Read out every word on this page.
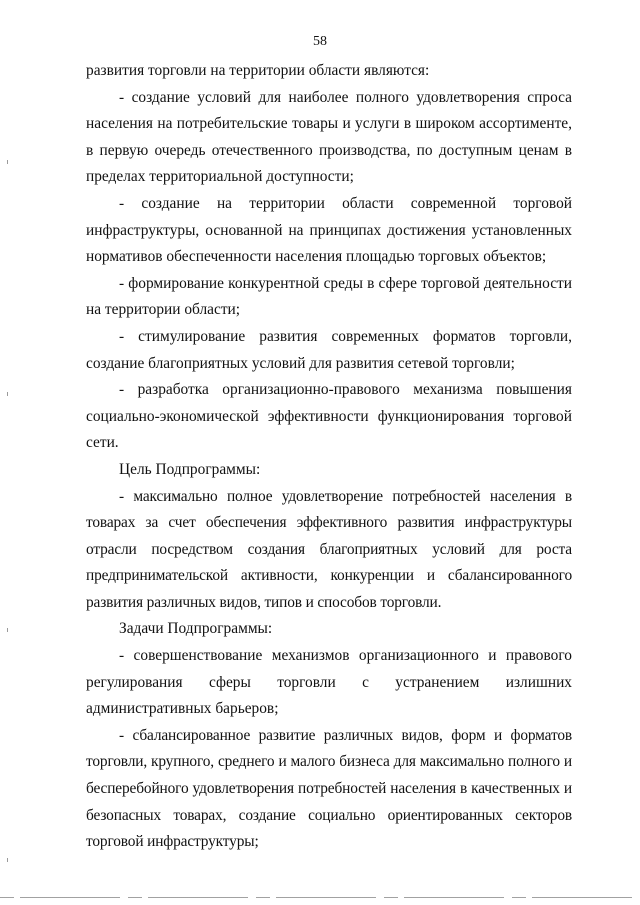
58

развития торговли на территории области являются:

- создание условий для наиболее полного удовлетворения спроса населения на потребительские товары и услуги в широком ассортименте, в первую очередь отечественного производства, по доступным ценам в пределах территориальной доступности;

- создание на территории области современной торговой инфраструктуры, основанной на принципах достижения установленных нормативов обеспеченности населения площадью торговых объектов;

- формирование конкурентной среды в сфере торговой деятельности на территории области;

- стимулирование развития современных форматов торговли, создание благоприятных условий для развития сетевой торговли;

- разработка организационно-правового механизма повышения социально-экономической эффективности функционирования торговой сети.

Цель Подпрограммы:

- максимально полное удовлетворение потребностей населения в товарах за счет обеспечения эффективного развития инфраструктуры отрасли посредством создания благоприятных условий для роста предпринимательской активности, конкуренции и сбалансированного развития различных видов, типов и способов торговли.

Задачи Подпрограммы:

- совершенствование механизмов организационного и правового регулирования сферы торговли с устранением излишних административных барьеров;

- сбалансированное развитие различных видов, форм и форматов торговли, крупного, среднего и малого бизнеса для максимально полного и бесперебойного удовлетворения потребностей населения в качественных и безопасных товарах, создание социально ориентированных секторов торговой инфраструктуры;
